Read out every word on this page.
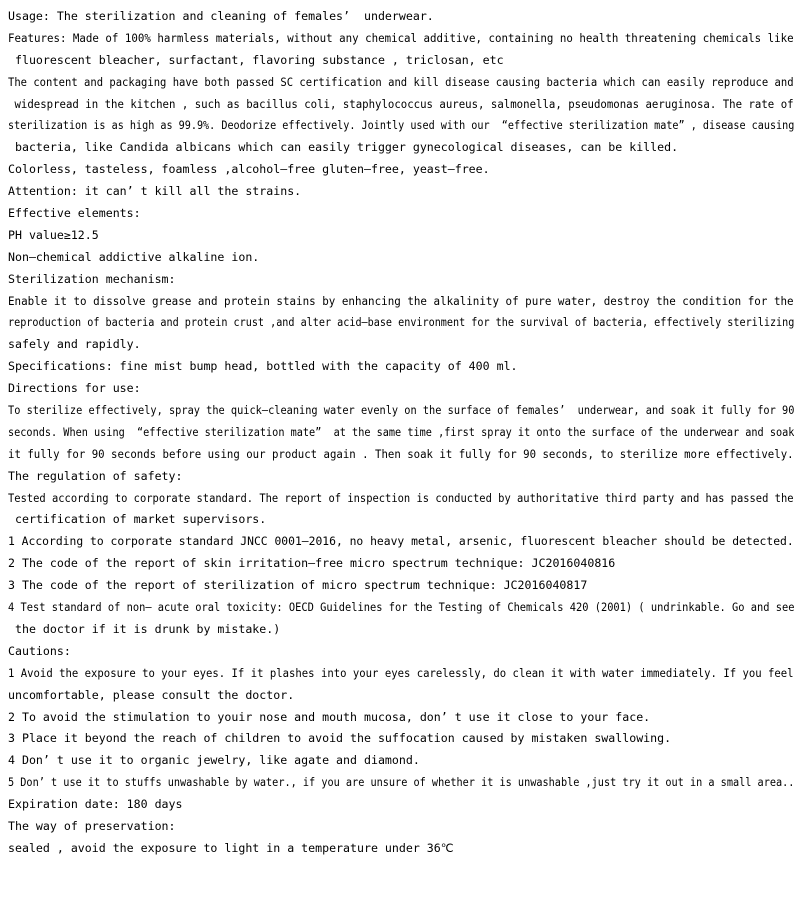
Usage: The sterilization and cleaning of females’  underwear.
Features: Made of 100% harmless materials, without any chemical additive, containing no health threatening chemicals like
fluorescent bleacher, surfactant, flavoring substance , triclosan, etc
The content and packaging have both passed SC certification and kill disease causing bacteria which can easily reproduce and
widespread in the kitchen , such as bacillus coli, staphylococcus aureus, salmonella, pseudomonas aeruginosa. The rate of
sterilization is as high as 99.9%. Deodorize effectively. Jointly used with our  “effective sterilization mate” , disease causing
bacteria, like Candida albicans which can easily trigger gynecological diseases, can be killed.
Colorless, tasteless, foamless ,alcohol—free gluten—free, yeast—free.
Attention: it can’ t kill all the strains.
Effective elements:
PH value≥12.5
Non—chemical addictive alkaline ion.
Sterilization mechanism:
Enable it to dissolve grease and protein stains by enhancing the alkalinity of pure water, destroy the condition for the
reproduction of bacteria and protein crust ,and alter acid—base environment for the survival of bacteria, effectively sterilizing
safely and rapidly.
Specifications: fine mist bump head, bottled with the capacity of 400 ml.
Directions for use:
To sterilize effectively, spray the quick—cleaning water evenly on the surface of females’  underwear, and soak it fully for 90
seconds. When using  “effective sterilization mate”  at the same time ,first spray it onto the surface of the underwear and soak
it fully for 90 seconds before using our product again . Then soak it fully for 90 seconds, to sterilize more effectively.
The regulation of safety:
Tested according to corporate standard. The report of inspection is conducted by authoritative third party and has passed the
certification of market supervisors.
1 According to corporate standard JNCC 0001—2016, no heavy metal, arsenic, fluorescent bleacher should be detected.
2 The code of the report of skin irritation—free micro spectrum technique: JC2016040816
3 The code of the report of sterilization of micro spectrum technique: JC2016040817
4 Test standard of non— acute oral toxicity: OECD Guidelines for the Testing of Chemicals 420 (2001) ( undrinkable. Go and see
the doctor if it is drunk by mistake.)
Cautions:
1 Avoid the exposure to your eyes. If it plashes into your eyes carelessly, do clean it with water immediately. If you feel
uncomfortable, please consult the doctor.
2 To avoid the stimulation to youir nose and mouth mucosa, don’ t use it close to your face.
3 Place it beyond the reach of children to avoid the suffocation caused by mistaken swallowing.
4 Don’ t use it to organic jewelry, like agate and diamond.
5 Don’ t use it to stuffs unwashable by water., if you are unsure of whether it is unwashable ,just try it out in a small area..
Expiration date: 180 days
The way of preservation:
sealed , avoid the exposure to light in a temperature under 36℃
